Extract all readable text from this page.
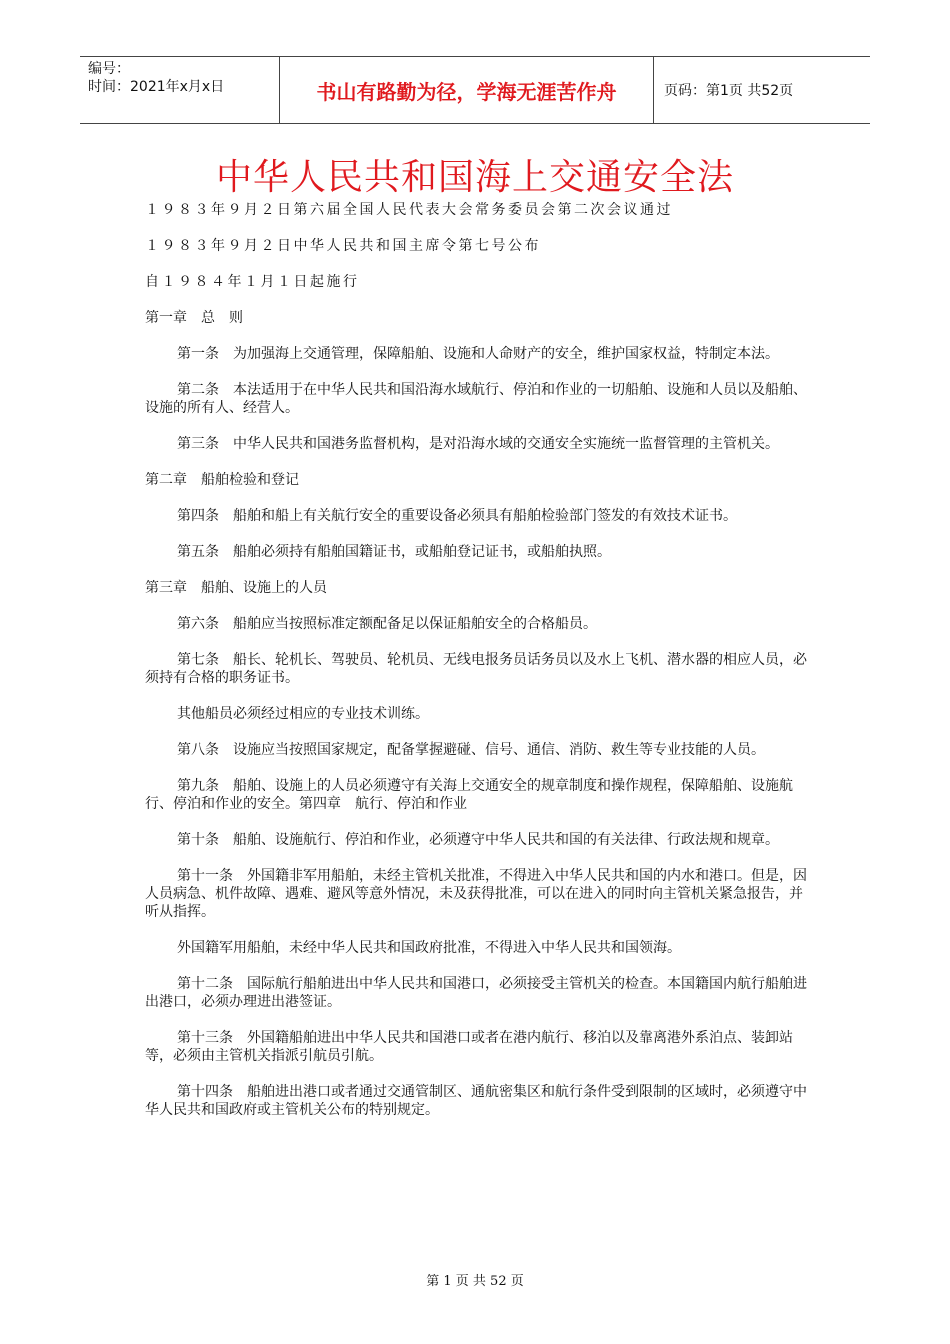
编号：
时间：2021年x月x日	书山有路勤为径，学海无涯苦作舟	页码：第1页 共52页
中华人民共和国海上交通安全法

１９８３年９月２日第六届全国人民代表大会常务委员会第二次会议通过

１９８３年９月２日中华人民共和国主席令第七号公布

自１９８４年１月１日起施行

第一章　总　则

第一条　为加强海上交通管理，保障船舶、设施和人命财产的安全，维护国家权益，特制定本法。

第二条　本法适用于在中华人民共和国沿海水域航行、停泊和作业的一切船舶、设施和人员以及船舶、设施的所有人、经营人。

第三条　中华人民共和国港务监督机构，是对沿海水域的交通安全实施统一监督管理的主管机关。

第二章　船舶检验和登记

第四条　船舶和船上有关航行安全的重要设备必须具有船舶检验部门签发的有效技术证书。

第五条　船舶必须持有船舶国籍证书，或船舶登记证书，或船舶执照。

第三章　船舶、设施上的人员

第六条　船舶应当按照标准定额配备足以保证船舶安全的合格船员。

第七条　船长、轮机长、驾驶员、轮机员、无线电报务员话务员以及水上飞机、潜水器的相应人员，必须持有合格的职务证书。

其他船员必须经过相应的专业技术训练。

第八条　设施应当按照国家规定，配备掌握避碰、信号、通信、消防、救生等专业技能的人员。

第九条　船舶、设施上的人员必须遵守有关海上交通安全的规章制度和操作规程，保障船舶、设施航行、停泊和作业的安全。第四章　航行、停泊和作业

第十条　船舶、设施航行、停泊和作业，必须遵守中华人民共和国的有关法律、行政法规和规章。

第十一条　外国籍非军用船舶，未经主管机关批准，不得进入中华人民共和国的内水和港口。但是，因人员病急、机件故障、遇难、避风等意外情况，未及获得批准，可以在进入的同时向主管机关紧急报告，并听从指挥。

外国籍军用船舶，未经中华人民共和国政府批准，不得进入中华人民共和国领海。

第十二条　国际航行船舶进出中华人民共和国港口，必须接受主管机关的检查。本国籍国内航行船舶进出港口，必须办理进出港签证。

第十三条　外国籍船舶进出中华人民共和国港口或者在港内航行、移泊以及靠离港外系泊点、装卸站等，必须由主管机关指派引航员引航。

第十四条　船舶进出港口或者通过交通管制区、通航密集区和航行条件受到限制的区域时，必须遵守中华人民共和国政府或主管机关公布的特别规定。

第 1 页 共 52 页
